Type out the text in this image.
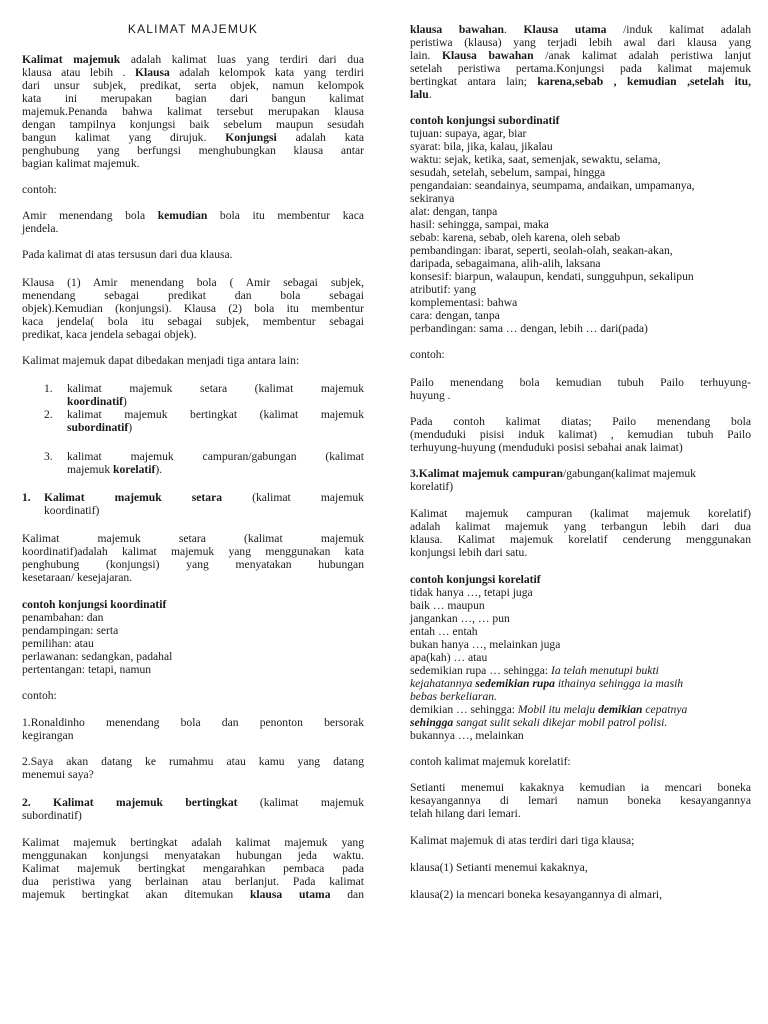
KALIMAT MAJEMUK
Kalimat majemuk adalah kalimat luas yang terdiri dari dua
klausa atau lebih . Klausa adalah kelompok kata yang terdiri
dari unsur subjek, predikat, serta objek, namun kelompok
kata ini merupakan bagian dari bangun kalimat
majemuk.Penanda bahwa kalimat tersebut merupakan klausa
dengan tampilnya konjungsi baik sebelum maupun sesudah
bangun kalimat yang dirujuk. Konjungsi adalah kata
penghubung yang berfungsi menghubungkan klausa antar
bagian kalimat majemuk.
contoh:
Amir menendang bola kemudian bola itu membentur kaca
jendela.
Pada kalimat di atas tersusun dari dua klausa.
Klausa (1) Amir menendang bola ( Amir sebagai subjek,
menendang sebagai predikat dan bola sebagai
objek).Kemudian (konjungsi). Klausa (2) bola itu membentur
kaca jendela( bola itu sebagai subjek, membentur sebagai
predikat, kaca jendela sebagai objek).
Kalimat majemuk dapat dibedakan menjadi tiga antara lain:
1.	kalimat majemuk setara (kalimat majemuk
koordinatif)
2.	kalimat majemuk bertingkat (kalimat majemuk
subordinatif)
3.	kalimat majemuk campuran/gabungan (kalimat
majemuk korelatif).
1.	Kalimat majemuk setara (kalimat majemuk
koordinatif)
Kalimat majemuk setara (kalimat majemuk
koordinatif)adalah kalimat majemuk yang menggunakan kata
penghubung (konjungsi) yang menyatakan hubungan
kesetaraan/ kesejajaran.
contoh konjungsi koordinatif
penambahan: dan
pendampingan: serta
pemilihan: atau
perlawanan: sedangkan, padahal
pertentangan: tetapi, namun
contoh:
1.Ronaldinho menendang bola dan penonton bersorak
kegirangan
2.Saya akan datang ke rumahmu atau kamu yang datang
menemui saya?
2. Kalimat majemuk bertingkat (kalimat majemuk
subordinatif)
Kalimat majemuk bertingkat adalah kalimat majemuk yang
menggunakan konjungsi menyatakan hubungan jeda waktu.
Kalimat majemuk bertingkat mengarahkan pembaca pada
dua peristiwa yang berlainan atau berlanjut. Pada kalimat
majemuk bertingkat akan ditemukan klausa utama dan
klausa bawahan. Klausa utama /induk kalimat adalah
peristiwa (klausa) yang terjadi lebih awal dari klausa yang
lain. Klausa bawahan /anak kalimat adalah peristiwa lanjut
setelah peristiwa pertama.Konjungsi pada kalimat majemuk
bertingkat antara lain; karena,sebab , kemudian ,setelah itu,
lalu.
contoh konjungsi subordinatif
tujuan: supaya, agar, biar
syarat: bila, jika, kalau, jikalau
waktu: sejak, ketika, saat, semenjak, sewaktu, selama,
sesudah, setelah, sebelum, sampai, hingga
pengandaian: seandainya, seumpama, andaikan, umpamanya,
sekiranya
alat: dengan, tanpa
hasil: sehingga, sampai, maka
sebab: karena, sebab, oleh karena, oleh sebab
pembandingan: ibarat, seperti, seolah-olah, seakan-akan,
daripada, sebagaimana, alih-alih, laksana
konsesif: biarpun, walaupun, kendati, sungguhpun, sekalipun
atributif: yang
komplementasi: bahwa
cara: dengan, tanpa
perbandingan: sama … dengan, lebih … dari(pada)
contoh:
Pailo menendang bola kemudian tubuh Pailo terhuyung-
huyung .
Pada contoh kalimat diatas; Pailo menendang bola
(menduduki pisisi induk kalimat) , kemudian tubuh Pailo
terhuyung-huyung (menduduki posisi sebahai anak laimat)
3.Kalimat majemuk campuran/gabungan(kalimat majemuk
korelatif)
Kalimat majemuk campuran (kalimat majemuk korelatif)
adalah kalimat majemuk yang terbangun lebih dari dua
klausa. Kalimat majemuk korelatif cenderung menggunakan
konjungsi lebih dari satu.
contoh konjungsi korelatif
tidak hanya …, tetapi juga
baik … maupun
jangankan …, … pun
entah … entah
bukan hanya …, melainkan juga
apa(kah) … atau
sedemikian rupa … sehingga: Ia telah menutupi bukti
kejahatannya sedemikian rupa ithainya sehingga ia masih
bebas berkeliaran.
demikian … sehingga: Mobil itu melaju demikian cepatnya
sehingga sangat sulit sekali dikejar mobil patrol polisi.
bukannya …, melainkan
contoh kalimat majemuk korelatif:
Setianti menemui kakaknya kemudian ia mencari boneka
kesayangannya di lemari namun boneka kesayangannya
telah hilang dari lemari.
Kalimat majemuk di atas terdiri dari tiga klausa;
klausa(1) Setianti menemui kakaknya,
klausa(2) ia mencari boneka kesayangannya di almari,
